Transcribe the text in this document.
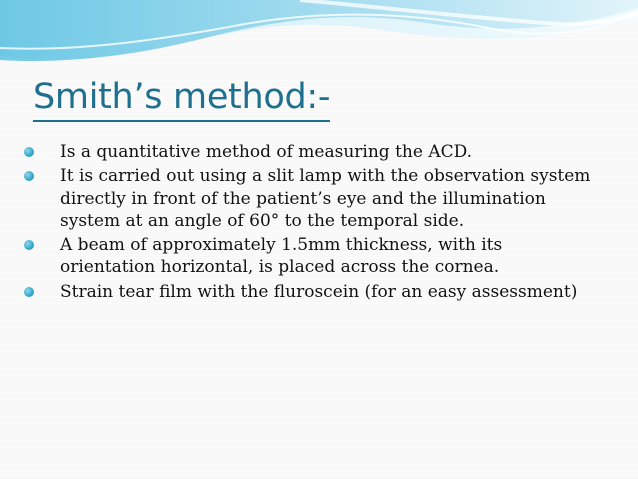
Smith’s method:-
Is a quantitative method of measuring the ACD.
It is carried out using a slit lamp with the observation system directly in front of the patient’s eye and the illumination system at an angle of 60° to the temporal side.
A beam of approximately 1.5mm thickness, with its orientation horizontal, is placed across the cornea.
Strain tear film with the fluroscein (for an easy assessment)
